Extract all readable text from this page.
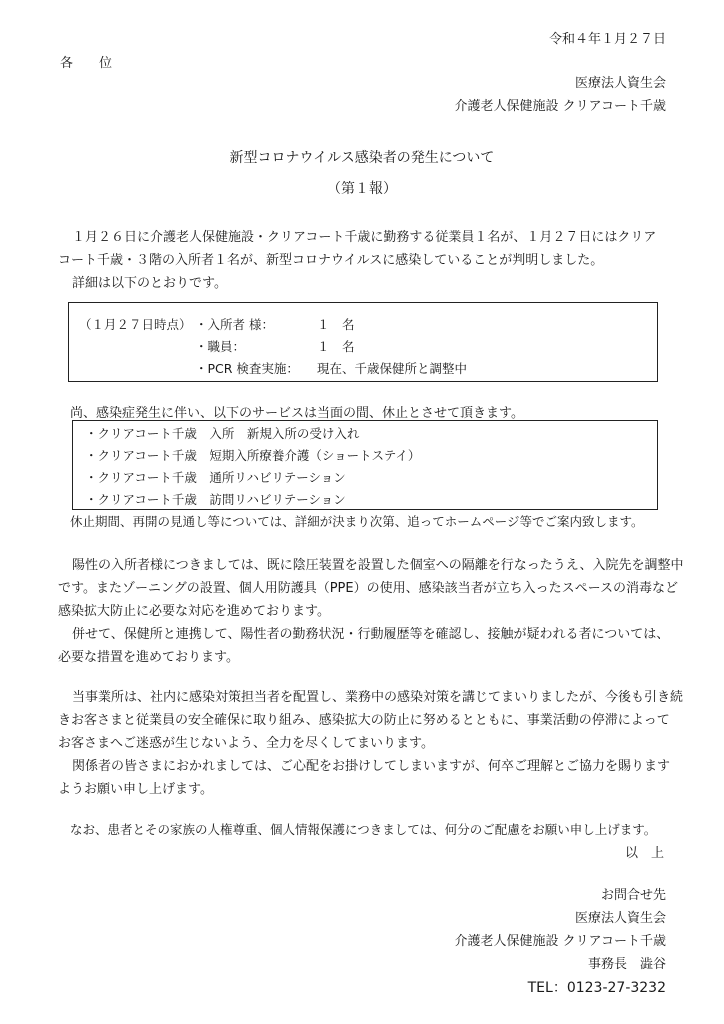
令和４年１月２７日
各　　位
医療法人資生会
介護老人保健施設 クリアコート千歳
新型コロナウイルス感染者の発生について
（第１報）
１月２６日に介護老人保健施設・クリアコート千歳に勤務する従業員１名が、１月２７日にはクリア
コート千歳・３階の入所者１名が、新型コロナウイルスに感染していることが判明しました。
詳細は以下のとおりです。
（１月２７日時点） ・入所者 様：	１　名
・職員：	１　名
・PCR 検査実施： 現在、千歳保健所と調整中
尚、感染症発生に伴い、以下のサービスは当面の間、休止とさせて頂きます。
・クリアコート千歳　入所　新規入所の受け入れ
・クリアコート千歳　短期入所療養介護（ショートステイ）
・クリアコート千歳　通所リハビリテーション
・クリアコート千歳　訪問リハビリテーション
休止期間、再開の見通し等については、詳細が決まり次第、追ってホームページ等でご案内致します。
陽性の入所者様につきましては、既に陰圧装置を設置した個室への隔離を行なったうえ、入院先を調整中
です。またゾーニングの設置、個人用防護具（PPE）の使用、感染該当者が立ち入ったスペースの消毒など
感染拡大防止に必要な対応を進めております。
併せて、保健所と連携して、陽性者の勤務状況・行動履歴等を確認し、接触が疑われる者については、
必要な措置を進めております。
当事業所は、社内に感染対策担当者を配置し、業務中の感染対策を講じてまいりましたが、今後も引き続
きお客さまと従業員の安全確保に取り組み、感染拡大の防止に努めるとともに、事業活動の停滞によって
お客さまへご迷惑が生じないよう、全力を尽くしてまいります。
関係者の皆さまにおかれましては、ご心配をお掛けしてしまいますが、何卒ご理解とご協力を賜ります
ようお願い申し上げます。
なお、患者とその家族の人権尊重、個人情報保護につきましては、何分のご配慮をお願い申し上げます。
以　上
お問合せ先
医療法人資生会
介護老人保健施設 クリアコート千歳
事務長　澁谷
TEL：0123-27-3232
